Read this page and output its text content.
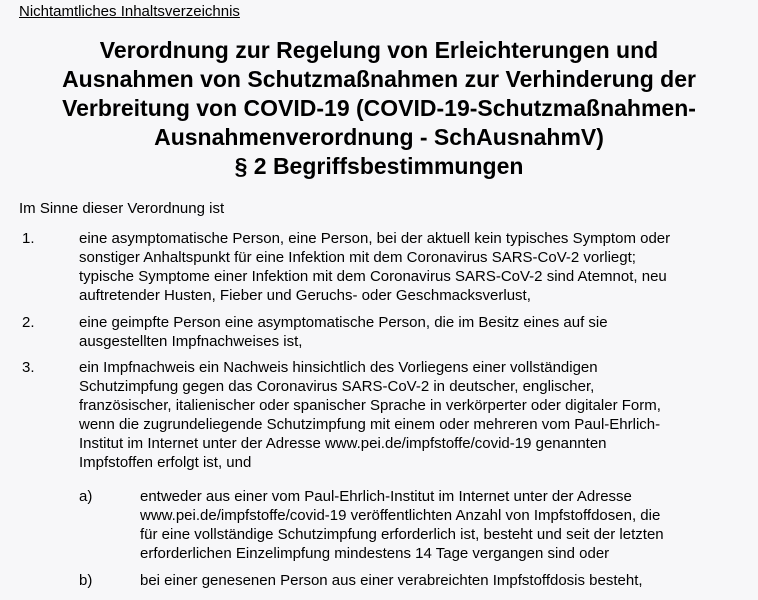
Nichtamtliches Inhaltsverzeichnis
Verordnung zur Regelung von Erleichterungen und
Ausnahmen von Schutzmaßnahmen zur Verhinderung der
Verbreitung von COVID-19 (COVID-19-Schutzmaßnahmen-
Ausnahmenverordnung - SchAusnahmV)
§ 2 Begriffsbestimmungen
Im Sinne dieser Verordnung ist
1.	eine asymptomatische Person, eine Person, bei der aktuell kein typisches Symptom oder
sonstiger Anhaltspunkt für eine Infektion mit dem Coronavirus SARS-CoV-2 vorliegt;
typische Symptome einer Infektion mit dem Coronavirus SARS-CoV-2 sind Atemnot, neu
auftretender Husten, Fieber und Geruchs- oder Geschmacksverlust,
2.	eine geimpfte Person eine asymptomatische Person, die im Besitz eines auf sie
ausgestellten Impfnachweises ist,
3.	ein Impfnachweis ein Nachweis hinsichtlich des Vorliegens einer vollständigen
Schutzimpfung gegen das Coronavirus SARS-CoV-2 in deutscher, englischer,
französischer, italienischer oder spanischer Sprache in verkörperter oder digitaler Form,
wenn die zugrundeliegende Schutzimpfung mit einem oder mehreren vom Paul-Ehrlich-
Institut im Internet unter der Adresse www.pei.de/impfstoffe/covid-19 genannten
Impfstoffen erfolgt ist, und
a)	entweder aus einer vom Paul-Ehrlich-Institut im Internet unter der Adresse
www.pei.de/impfstoffe/covid-19 veröffentlichten Anzahl von Impfstoffdosen, die
für eine vollständige Schutzimpfung erforderlich ist, besteht und seit der letzten
erforderlichen Einzelimpfung mindestens 14 Tage vergangen sind oder
b)	bei einer genesenen Person aus einer verabreichten Impfstoffdosis besteht,
